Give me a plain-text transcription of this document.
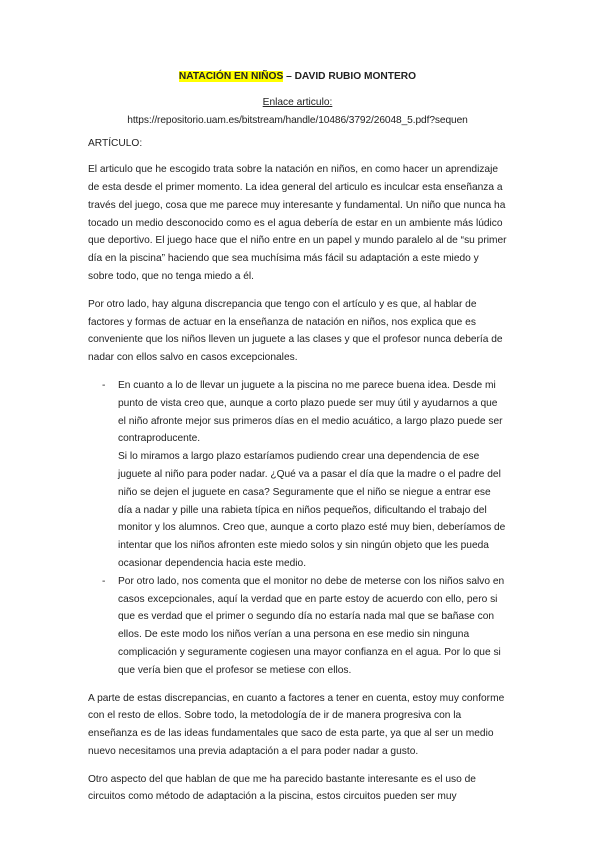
NATACIÓN EN NIÑOS – DAVID RUBIO MONTERO

Enlace articulo:

https://repositorio.uam.es/bitstream/handle/10486/3792/26048_5.pdf?sequen

ARTÍCULO:

El articulo que he escogido trata sobre la natación en niños, en como hacer un aprendizaje de esta desde el primer momento. La idea general del articulo es inculcar esta enseñanza a través del juego, cosa que me parece muy interesante y fundamental. Un niño que nunca ha tocado un medio desconocido como es el agua debería de estar en un ambiente más lúdico que deportivo. El juego hace que el niño entre en un papel y mundo paralelo al de “su primer día en la piscina” haciendo que sea muchísima más fácil su adaptación a este miedo y sobre todo, que no tenga miedo a él.

Por otro lado, hay alguna discrepancia que tengo con el artículo y es que, al hablar de factores y formas de actuar en la enseñanza de natación en niños, nos explica que es conveniente que los niños lleven un juguete a las clases y que el profesor nunca debería de nadar con ellos salvo en casos excepcionales.

- En cuanto a lo de llevar un juguete a la piscina no me parece buena idea. Desde mi punto de vista creo que, aunque a corto plazo puede ser muy útil y ayudarnos a que el niño afronte mejor sus primeros días en el medio acuático, a largo plazo puede ser contraproducente.

Si lo miramos a largo plazo estaríamos pudiendo crear una dependencia de ese juguete al niño para poder nadar. ¿Qué va a pasar el día que la madre o el padre del niño se dejen el juguete en casa? Seguramente que el niño se niegue a entrar ese día a nadar y pille una rabieta típica en niños pequeños, dificultando el trabajo del monitor y los alumnos. Creo que, aunque a corto plazo esté muy bien, deberíamos de intentar que los niños afronten este miedo solos y sin ningún objeto que les pueda ocasionar dependencia hacia este medio.

- Por otro lado, nos comenta que el monitor no debe de meterse con los niños salvo en casos excepcionales, aquí la verdad que en parte estoy de acuerdo con ello, pero si que es verdad que el primer o segundo día no estaría nada mal que se bañase con ellos. De este modo los niños verían a una persona en ese medio sin ninguna complicación y seguramente cogiesen una mayor confianza en el agua. Por lo que si que vería bien que el profesor se metiese con ellos.

A parte de estas discrepancias, en cuanto a factores a tener en cuenta, estoy muy conforme con el resto de ellos. Sobre todo, la metodología de ir de manera progresiva con la enseñanza es de las ideas fundamentales que saco de esta parte, ya que al ser un medio nuevo necesitamos una previa adaptación a el para poder nadar a gusto.

Otro aspecto del que hablan de que me ha parecido bastante interesante es el uso de circuitos como método de adaptación a la piscina, estos circuitos pueden ser muy
